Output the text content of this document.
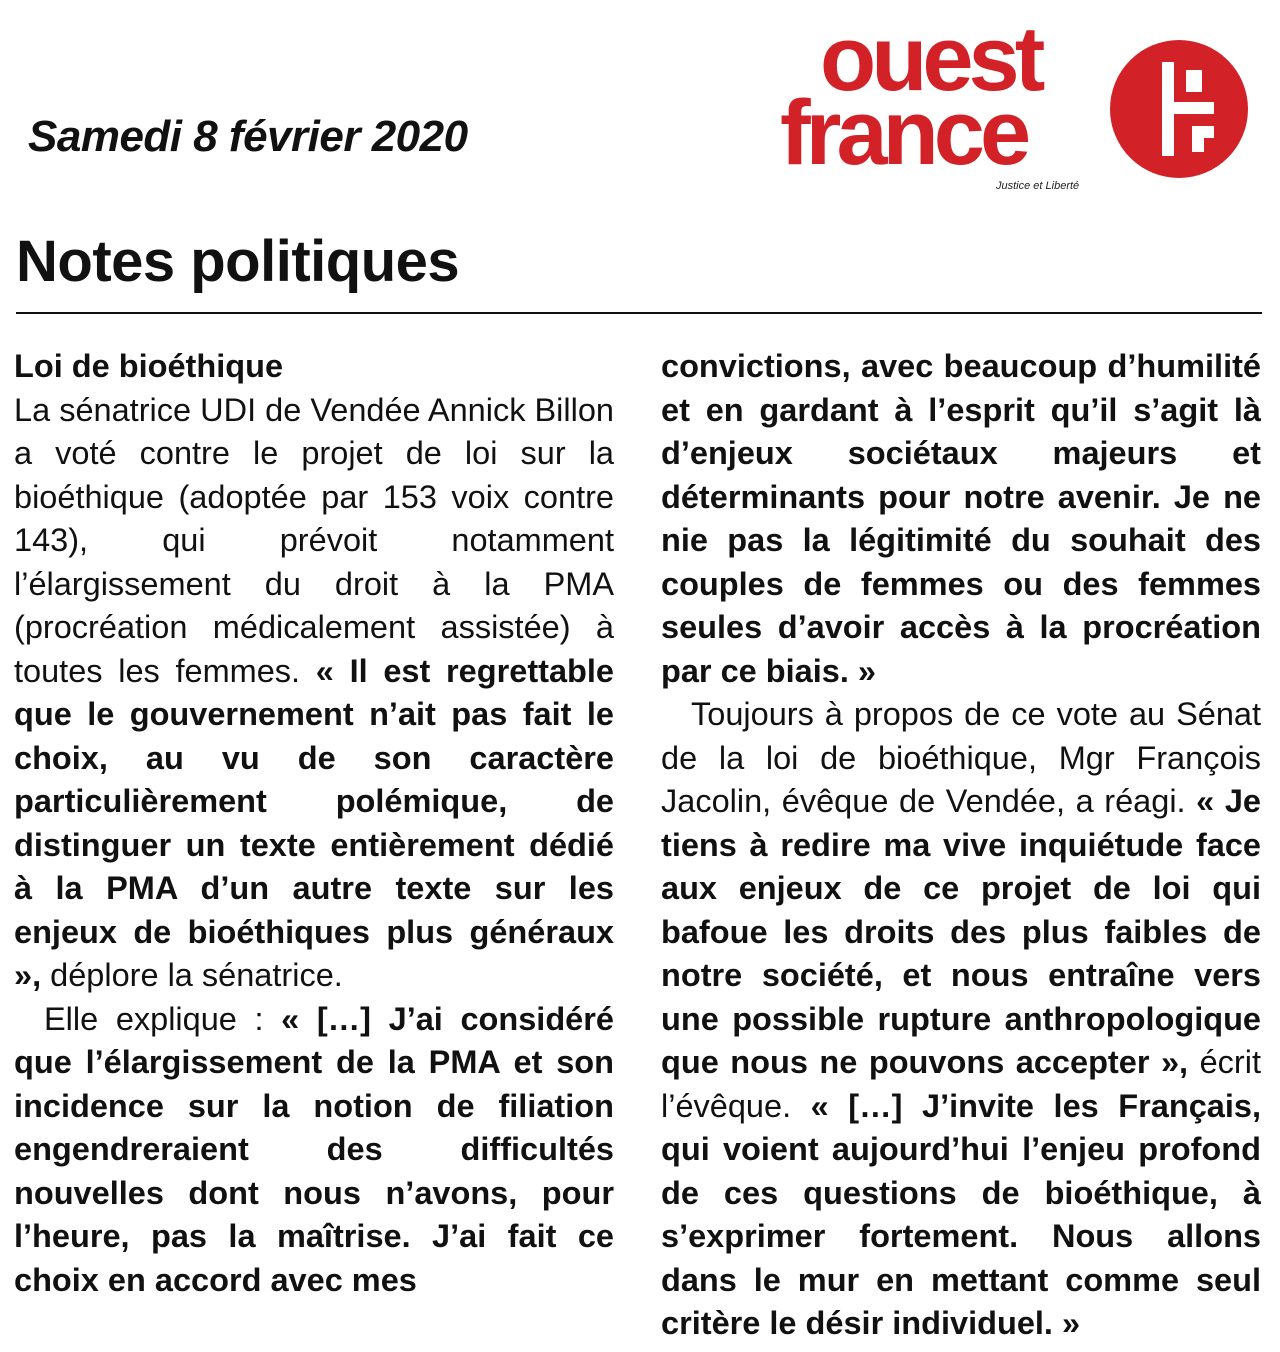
Samedi 8 février 2020
ouest
france
Justice et Liberté
Notes politiques

Loi de bioéthique

La sénatrice UDI de Vendée Annick Billon a voté contre le projet de loi sur la bioéthique (adoptée par 153 voix contre 143), qui prévoit notamment l’élargissement du droit à la PMA (procréation médicalement assistée) à toutes les femmes. « Il est regrettable que le gouvernement n’ait pas fait le choix, au vu de son caractère particulièrement polémique, de distinguer un texte entièrement dédié à la PMA d’un autre texte sur les enjeux de bioéthiques plus généraux », déplore la sénatrice.

Elle explique : « […] J’ai considéré que l’élargissement de la PMA et son incidence sur la notion de filiation engendreraient des difficultés nouvelles dont nous n’avons, pour l’heure, pas la maîtrise. J’ai fait ce choix en accord avec mes

convictions, avec beaucoup d’humilité et en gardant à l’esprit qu’il s’agit là d’enjeux sociétaux majeurs et déterminants pour notre avenir. Je ne nie pas la légitimité du souhait des couples de femmes ou des femmes seules d’avoir accès à la procréation par ce biais. »

Toujours à propos de ce vote au Sénat de la loi de bioéthique, Mgr François Jacolin, évêque de Vendée, a réagi. « Je tiens à redire ma vive inquiétude face aux enjeux de ce projet de loi qui bafoue les droits des plus faibles de notre société, et nous entraîne vers une possible rupture anthropologique que nous ne pouvons accepter », écrit l’évêque. « […] J’invite les Français, qui voient aujourd’hui l’enjeu profond de ces questions de bioéthique, à s’exprimer fortement. Nous allons dans le mur en mettant comme seul critère le désir individuel. »
